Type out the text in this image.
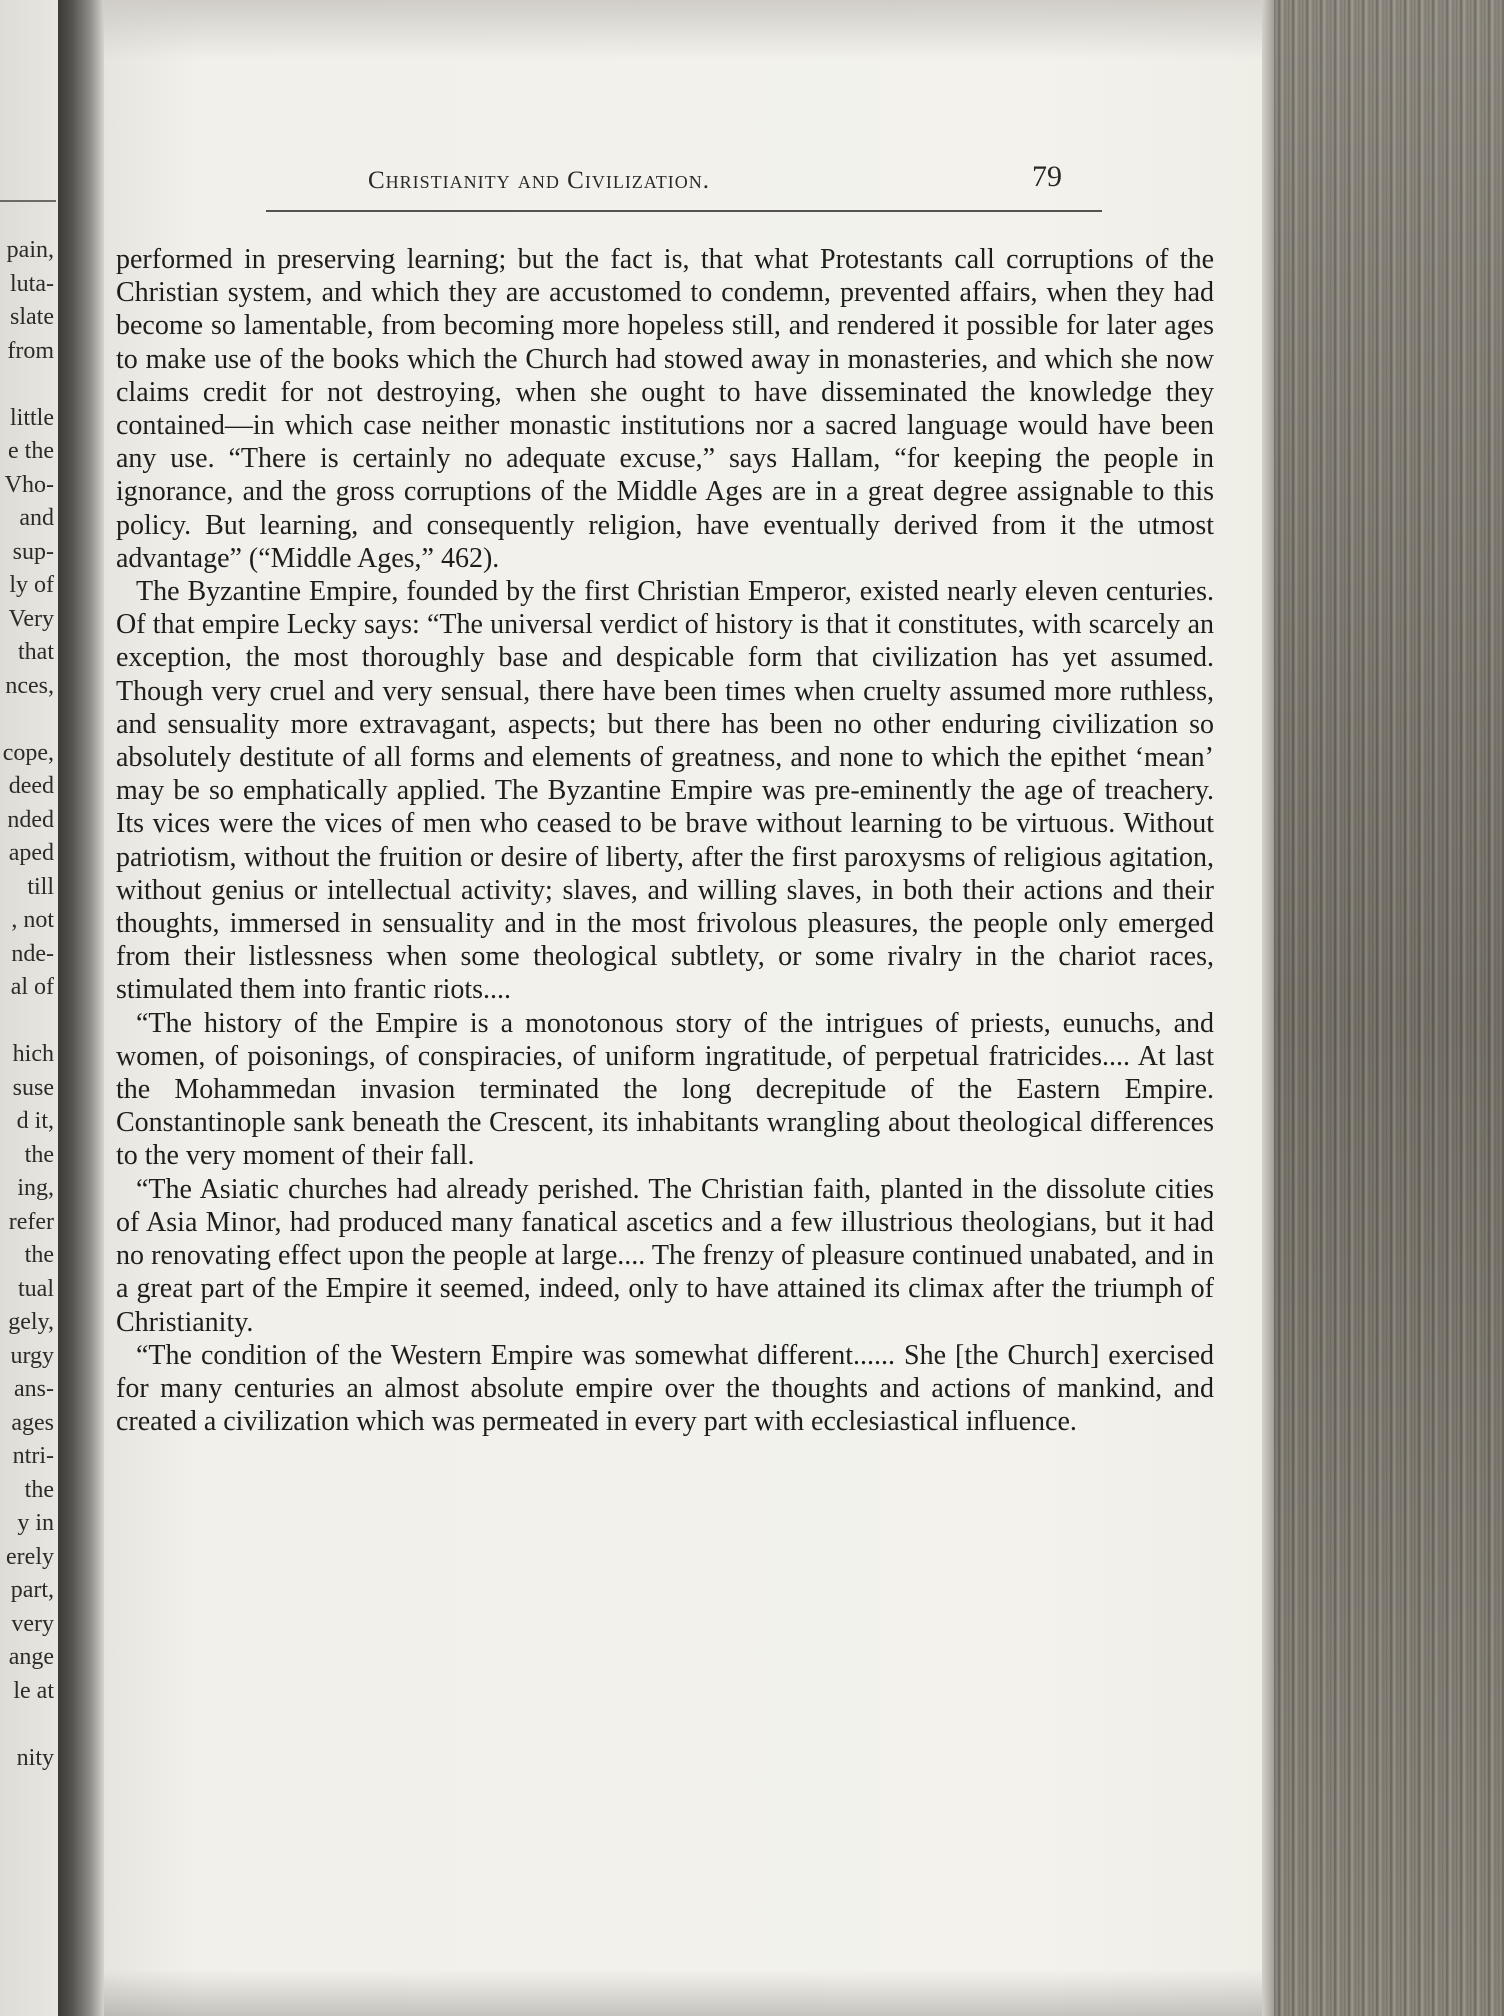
pain,
luta-
slate
from

little
e the
Vho-
and
sup-
ly of
Very
that
nces,

cope,
deed
nded
aped
till
, not
nde-
al of

hich
suse
d it,
the
ing,
refer
the
tual
gely,
urgy
ans-
ages
ntri-
the
y in
erely
part,
very
ange
le at

nity
Christianity and Civilization.	79

performed in preserving learning; but the fact is, that what Protestants call corruptions of the Christian system, and which they are accustomed to condemn, prevented affairs, when they had become so lamentable, from becoming more hopeless still, and rendered it possible for later ages to make use of the books which the Church had stowed away in monasteries, and which she now claims credit for not destroying, when she ought to have disseminated the knowledge they contained—in which case neither monastic institutions nor a sacred language would have been any use. “There is certainly no adequate excuse,” says Hallam, “for keeping the people in ignorance, and the gross corruptions of the Middle Ages are in a great degree assignable to this policy. But learning, and consequently religion, have eventually derived from it the utmost advantage” (“Middle Ages,” 462).

The Byzantine Empire, founded by the first Christian Emperor, existed nearly eleven centuries. Of that empire Lecky says: “The universal verdict of history is that it constitutes, with scarcely an exception, the most thoroughly base and despicable form that civilization has yet assumed. Though very cruel and very sensual, there have been times when cruelty assumed more ruthless, and sensuality more extravagant, aspects; but there has been no other enduring civilization so absolutely destitute of all forms and elements of greatness, and none to which the epithet ‘mean’ may be so emphatically applied. The Byzantine Empire was pre-eminently the age of treachery. Its vices were the vices of men who ceased to be brave without learning to be virtuous. Without patriotism, without the fruition or desire of liberty, after the first paroxysms of religious agitation, without genius or intellectual activity; slaves, and willing slaves, in both their actions and their thoughts, immersed in sensuality and in the most frivolous pleasures, the people only emerged from their listlessness when some theological subtlety, or some rivalry in the chariot races, stimulated them into frantic riots....

“The history of the Empire is a monotonous story of the intrigues of priests, eunuchs, and women, of poisonings, of conspiracies, of uniform ingratitude, of perpetual fratricides.... At last the Mohammedan invasion terminated the long decrepitude of the Eastern Empire. Constantinople sank beneath the Crescent, its inhabitants wrangling about theological differences to the very moment of their fall.

“The Asiatic churches had already perished. The Christian faith, planted in the dissolute cities of Asia Minor, had produced many fanatical ascetics and a few illustrious theologians, but it had no renovating effect upon the people at large.... The frenzy of pleasure continued unabated, and in a great part of the Empire it seemed, indeed, only to have attained its climax after the triumph of Christianity.

“The condition of the Western Empire was somewhat different...... She [the Church] exercised for many centuries an almost absolute empire over the thoughts and actions of mankind, and created a civilization which was permeated in every part with ecclesiastical influence.
